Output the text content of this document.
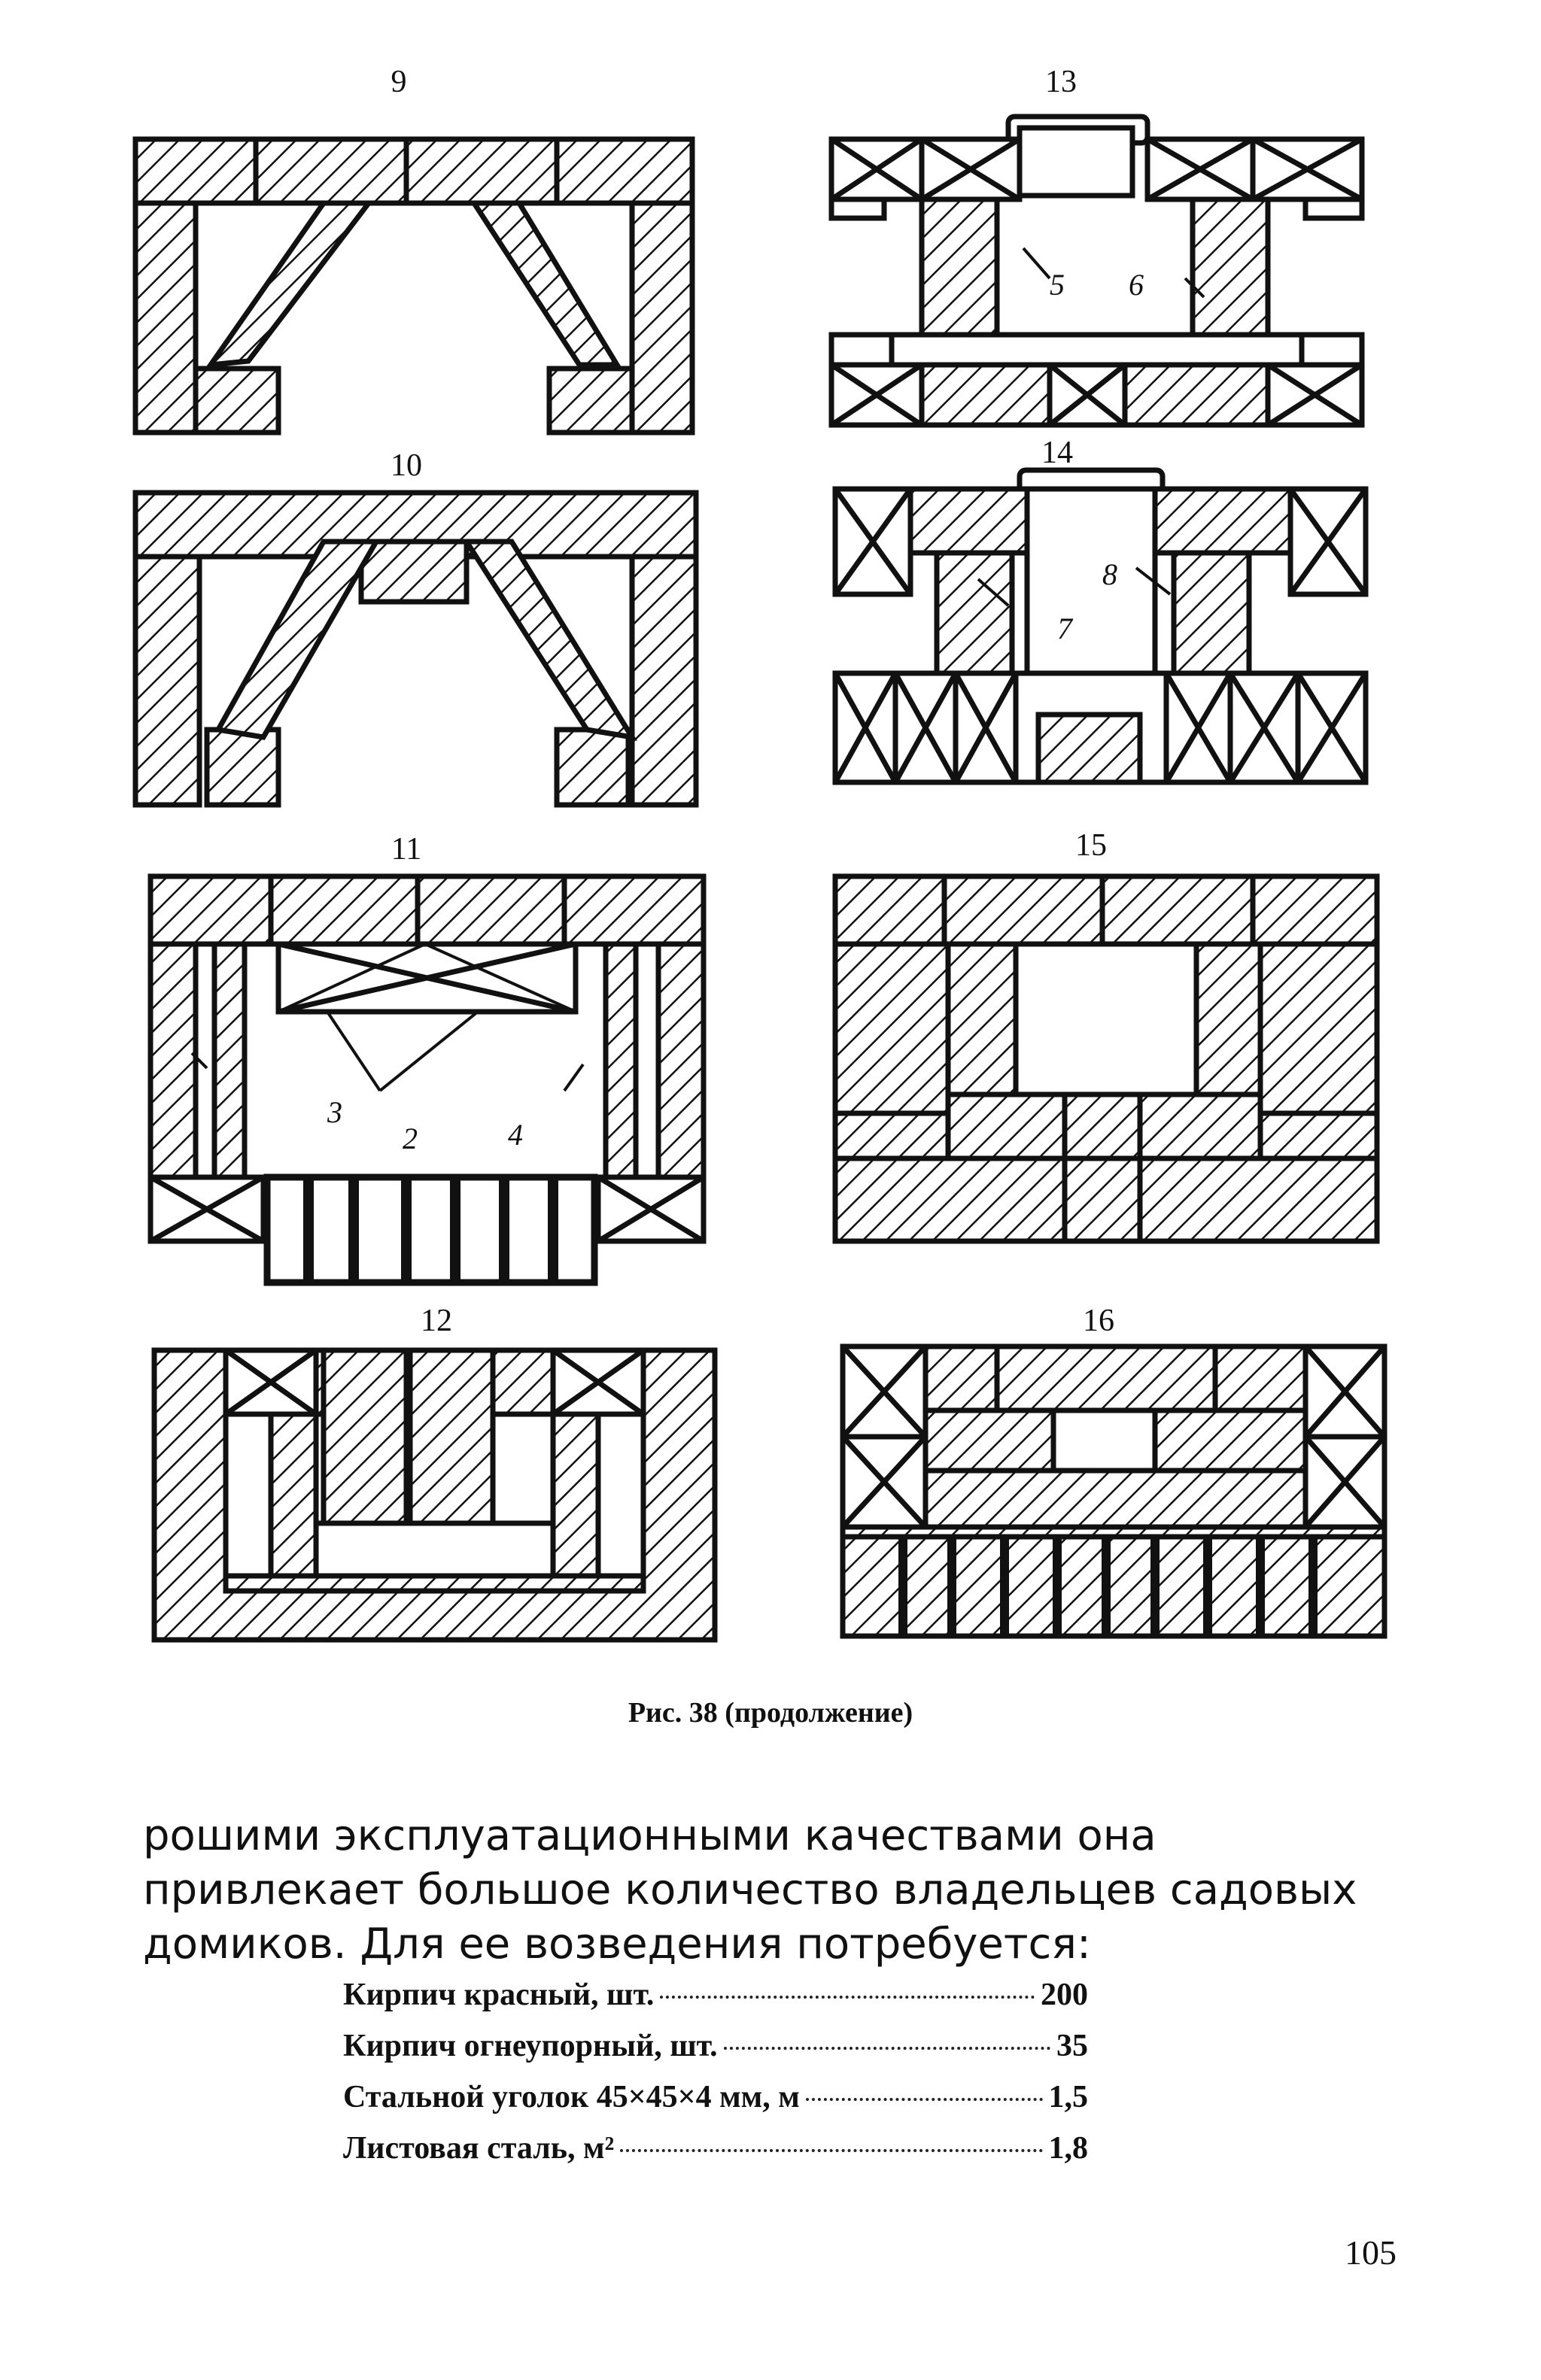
9
10
11
3
2	4
12
13
5 6
14
7
8
15
16
Рис. 38 (продолжение)
рошими эксплуатационными качествами она привлекает большое количество владельцев садовых домиков. Для ее возведения потребуется:
Кирпич красный, шт.	200
Кирпич огнеупорный, шт.	35
Стальной уголок 45×45×4 мм, м	1,5
Листовая сталь, м²	1,8
105
